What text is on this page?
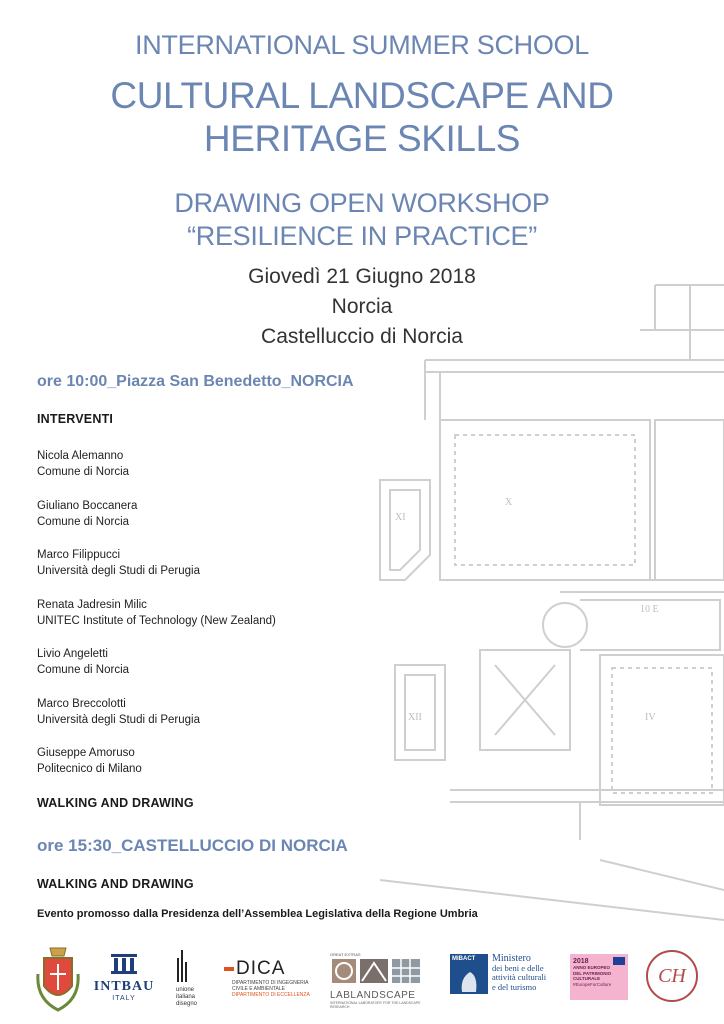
XI
X
10 E
IV
XII
INTERNATIONAL SUMMER SCHOOL
CULTURAL LANDSCAPE AND
HERITAGE SKILLS
DRAWING OPEN WORKSHOP
“RESILIENCE IN PRACTICE”
Giovedì 21 Giugno 2018
Norcia
Castelluccio di Norcia
ore 10:00_Piazza San Benedetto_NORCIA
INTERVENTI
Nicola Alemanno
Comune di Norcia
Giuliano Boccanera
Comune di Norcia
Marco Filippucci
Università degli Studi di Perugia
Renata Jadresin Milic
UNITEC Institute of Technology (New Zealand)
Livio Angeletti
Comune di Norcia
Marco Breccolotti
Università degli Studi di Perugia
Giuseppe Amoruso
Politecnico di Milano
WALKING AND DRAWING
ore 15:30_CASTELLUCCIO DI NORCIA
WALKING AND DRAWING
Evento promosso dalla Presidenza dell’Assemblea Legislativa della Regione Umbria
INTBAU
ITALY
unione
italiana
disegno
DICA
DIPARTIMENTO DI INGEGNERIA
CIVILE E AMBIENTALE
DIPARTIMENTO DI ECCELLENZA
GREAT EXTRAS
LABLANDSCAPE
INTERNATIONAL LABORATORY FOR THE LANDSCAPE RESEARCH
MIBACT Ministero
dei beni e delle
attività culturali
e del turismo
2018
ANNO EUROPEO
DEL PATRIMONIO
CULTURALE
#EuropeForCulture	CH
